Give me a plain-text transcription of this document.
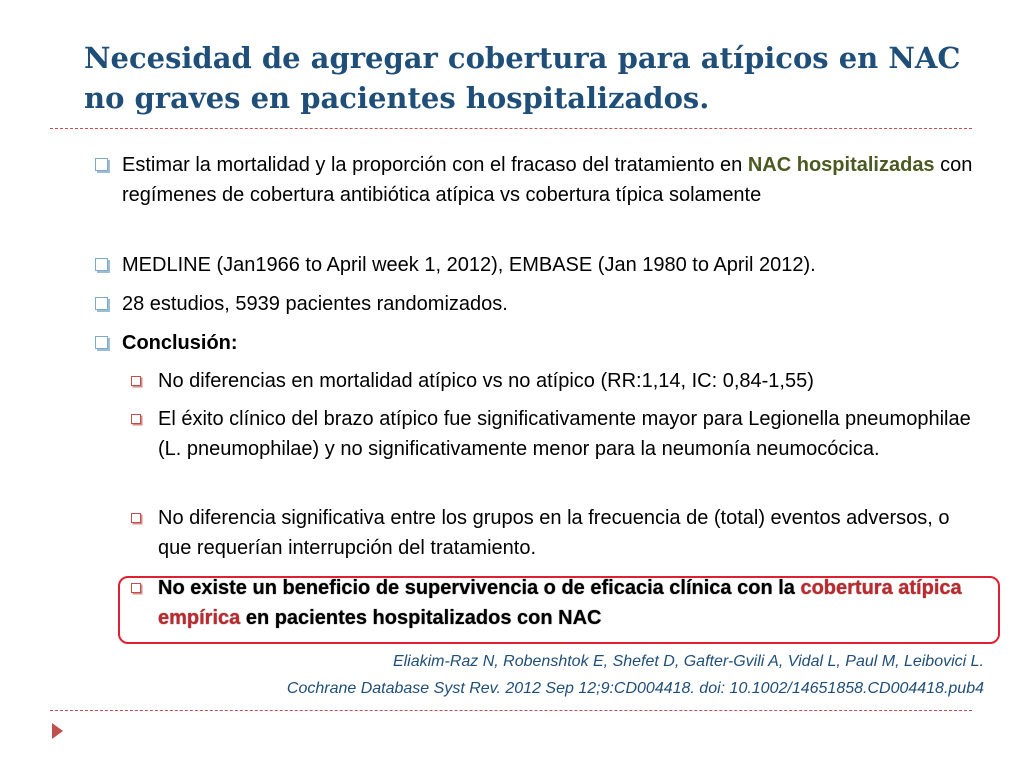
Necesidad de agregar cobertura para atípicos en NAC no graves en pacientes hospitalizados.
Estimar la mortalidad y la proporción con el fracaso del tratamiento en NAC hospitalizadas con regímenes de cobertura antibiótica atípica vs cobertura típica solamente
MEDLINE (Jan1966 to April week 1, 2012), EMBASE (Jan 1980 to April 2012).
28 estudios, 5939 pacientes randomizados.
Conclusión:
No diferencias en mortalidad atípico vs no atípico (RR:1,14, IC: 0,84-1,55)
El éxito clínico del brazo atípico fue significativamente mayor para Legionella pneumophilae (L. pneumophilae) y no significativamente menor para la neumonía neumocócica.
No diferencia significativa entre los grupos en la frecuencia de (total) eventos adversos, o que requerían interrupción del tratamiento.
No existe un beneficio de supervivencia o de eficacia clínica con la cobertura atípica empírica en pacientes hospitalizados con NAC
Eliakim-Raz N, Robenshtok E, Shefet D, Gafter-Gvili A, Vidal L, Paul M, Leibovici L.
Cochrane Database Syst Rev. 2012 Sep 12;9:CD004418. doi: 10.1002/14651858.CD004418.pub4
